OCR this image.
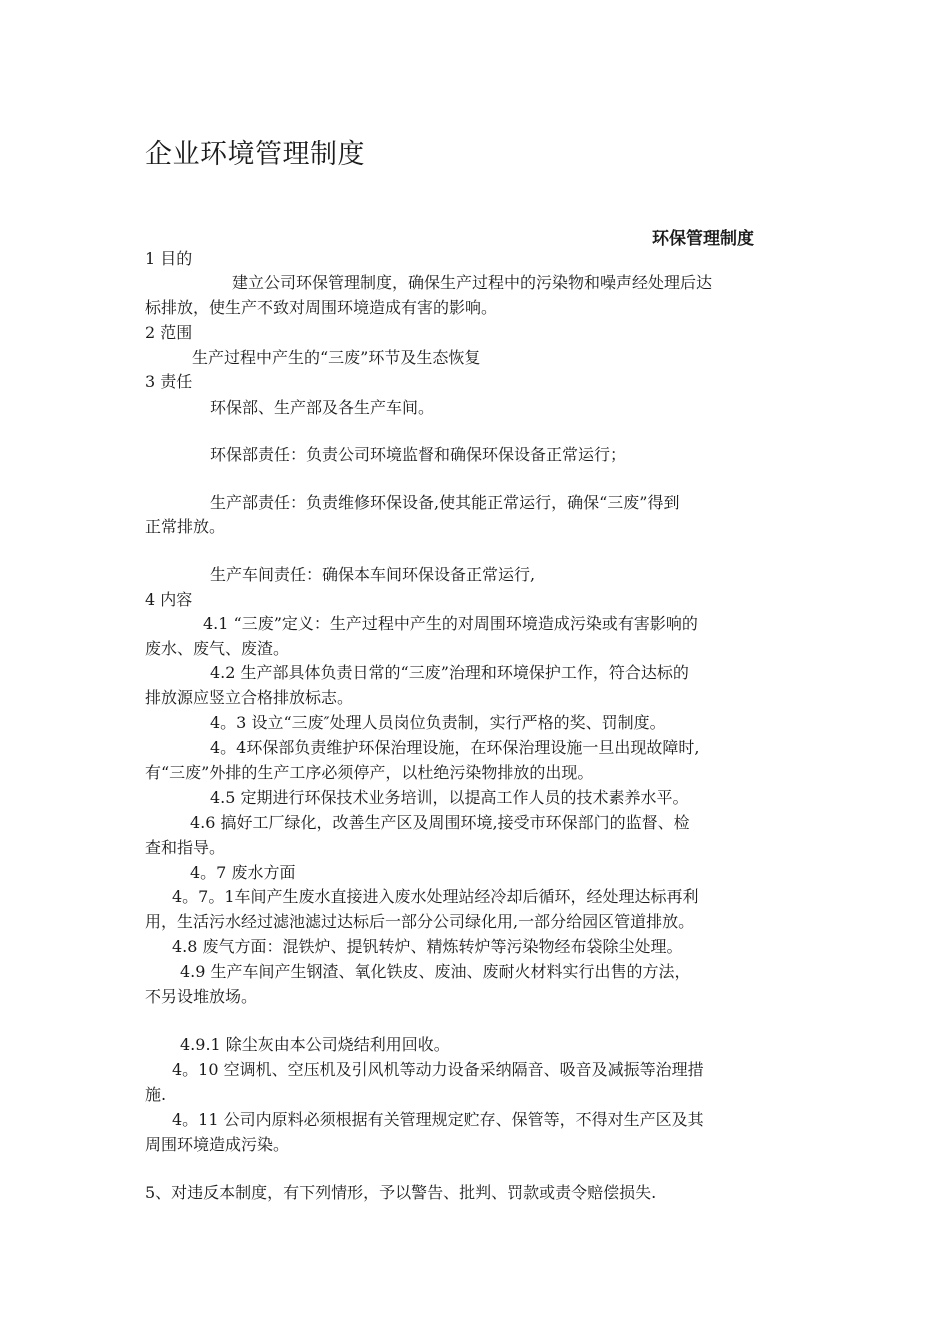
企业环境管理制度
环保管理制度
1 目的
建立公司环保管理制度，确保生产过程中的污染物和噪声经处理后达
标排放，使生产不致对周围环境造成有害的影响。
2 范围
生产过程中产生的“三废”环节及生态恢复
3 责任
环保部、生产部及各生产车间。
环保部责任：负责公司环境监督和确保环保设备正常运行；
生产部责任：负责维修环保设备,使其能正常运行，确保“三废”得到
正常排放。
生产车间责任：确保本车间环保设备正常运行,
4 内容
4.1 “三废”定义：生产过程中产生的对周围环境造成污染或有害影响的
废水、废气、废渣。
4.2 生产部具体负责日常的“三废”治理和环境保护工作，符合达标的
排放源应竖立合格排放标志。
4。3 设立“三废″处理人员岗位负责制，实行严格的奖、罚制度。
4。4环保部负责维护环保治理设施，在环保治理设施一旦出现故障时,
有“三废”外排的生产工序必须停产，以杜绝污染物排放的出现。
4.5 定期进行环保技术业务培训，以提高工作人员的技术素养水平。
4.6 搞好工厂绿化，改善生产区及周围环境,接受市环保部门的监督、检
查和指导。
4。7 废水方面
4。7。1车间产生废水直接进入废水处理站经冷却后循环，经处理达标再利
用，生活污水经过滤池滤过达标后一部分公司绿化用,一部分给园区管道排放。
4.8 废气方面：混铁炉、提钒转炉、精炼转炉等污染物经布袋除尘处理。
4.9 生产车间产生钢渣、氧化铁皮、废油、废耐火材料实行出售的方法，
不另设堆放场。
4.9.1 除尘灰由本公司烧结利用回收。
4。10 空调机、空压机及引风机等动力设备采纳隔音、吸音及减振等治理措
施.
4。11 公司内原料必须根据有关管理规定贮存、保管等，不得对生产区及其
周围环境造成污染。
5、对违反本制度，有下列情形，予以警告、批判、罚款或责令赔偿损失.
